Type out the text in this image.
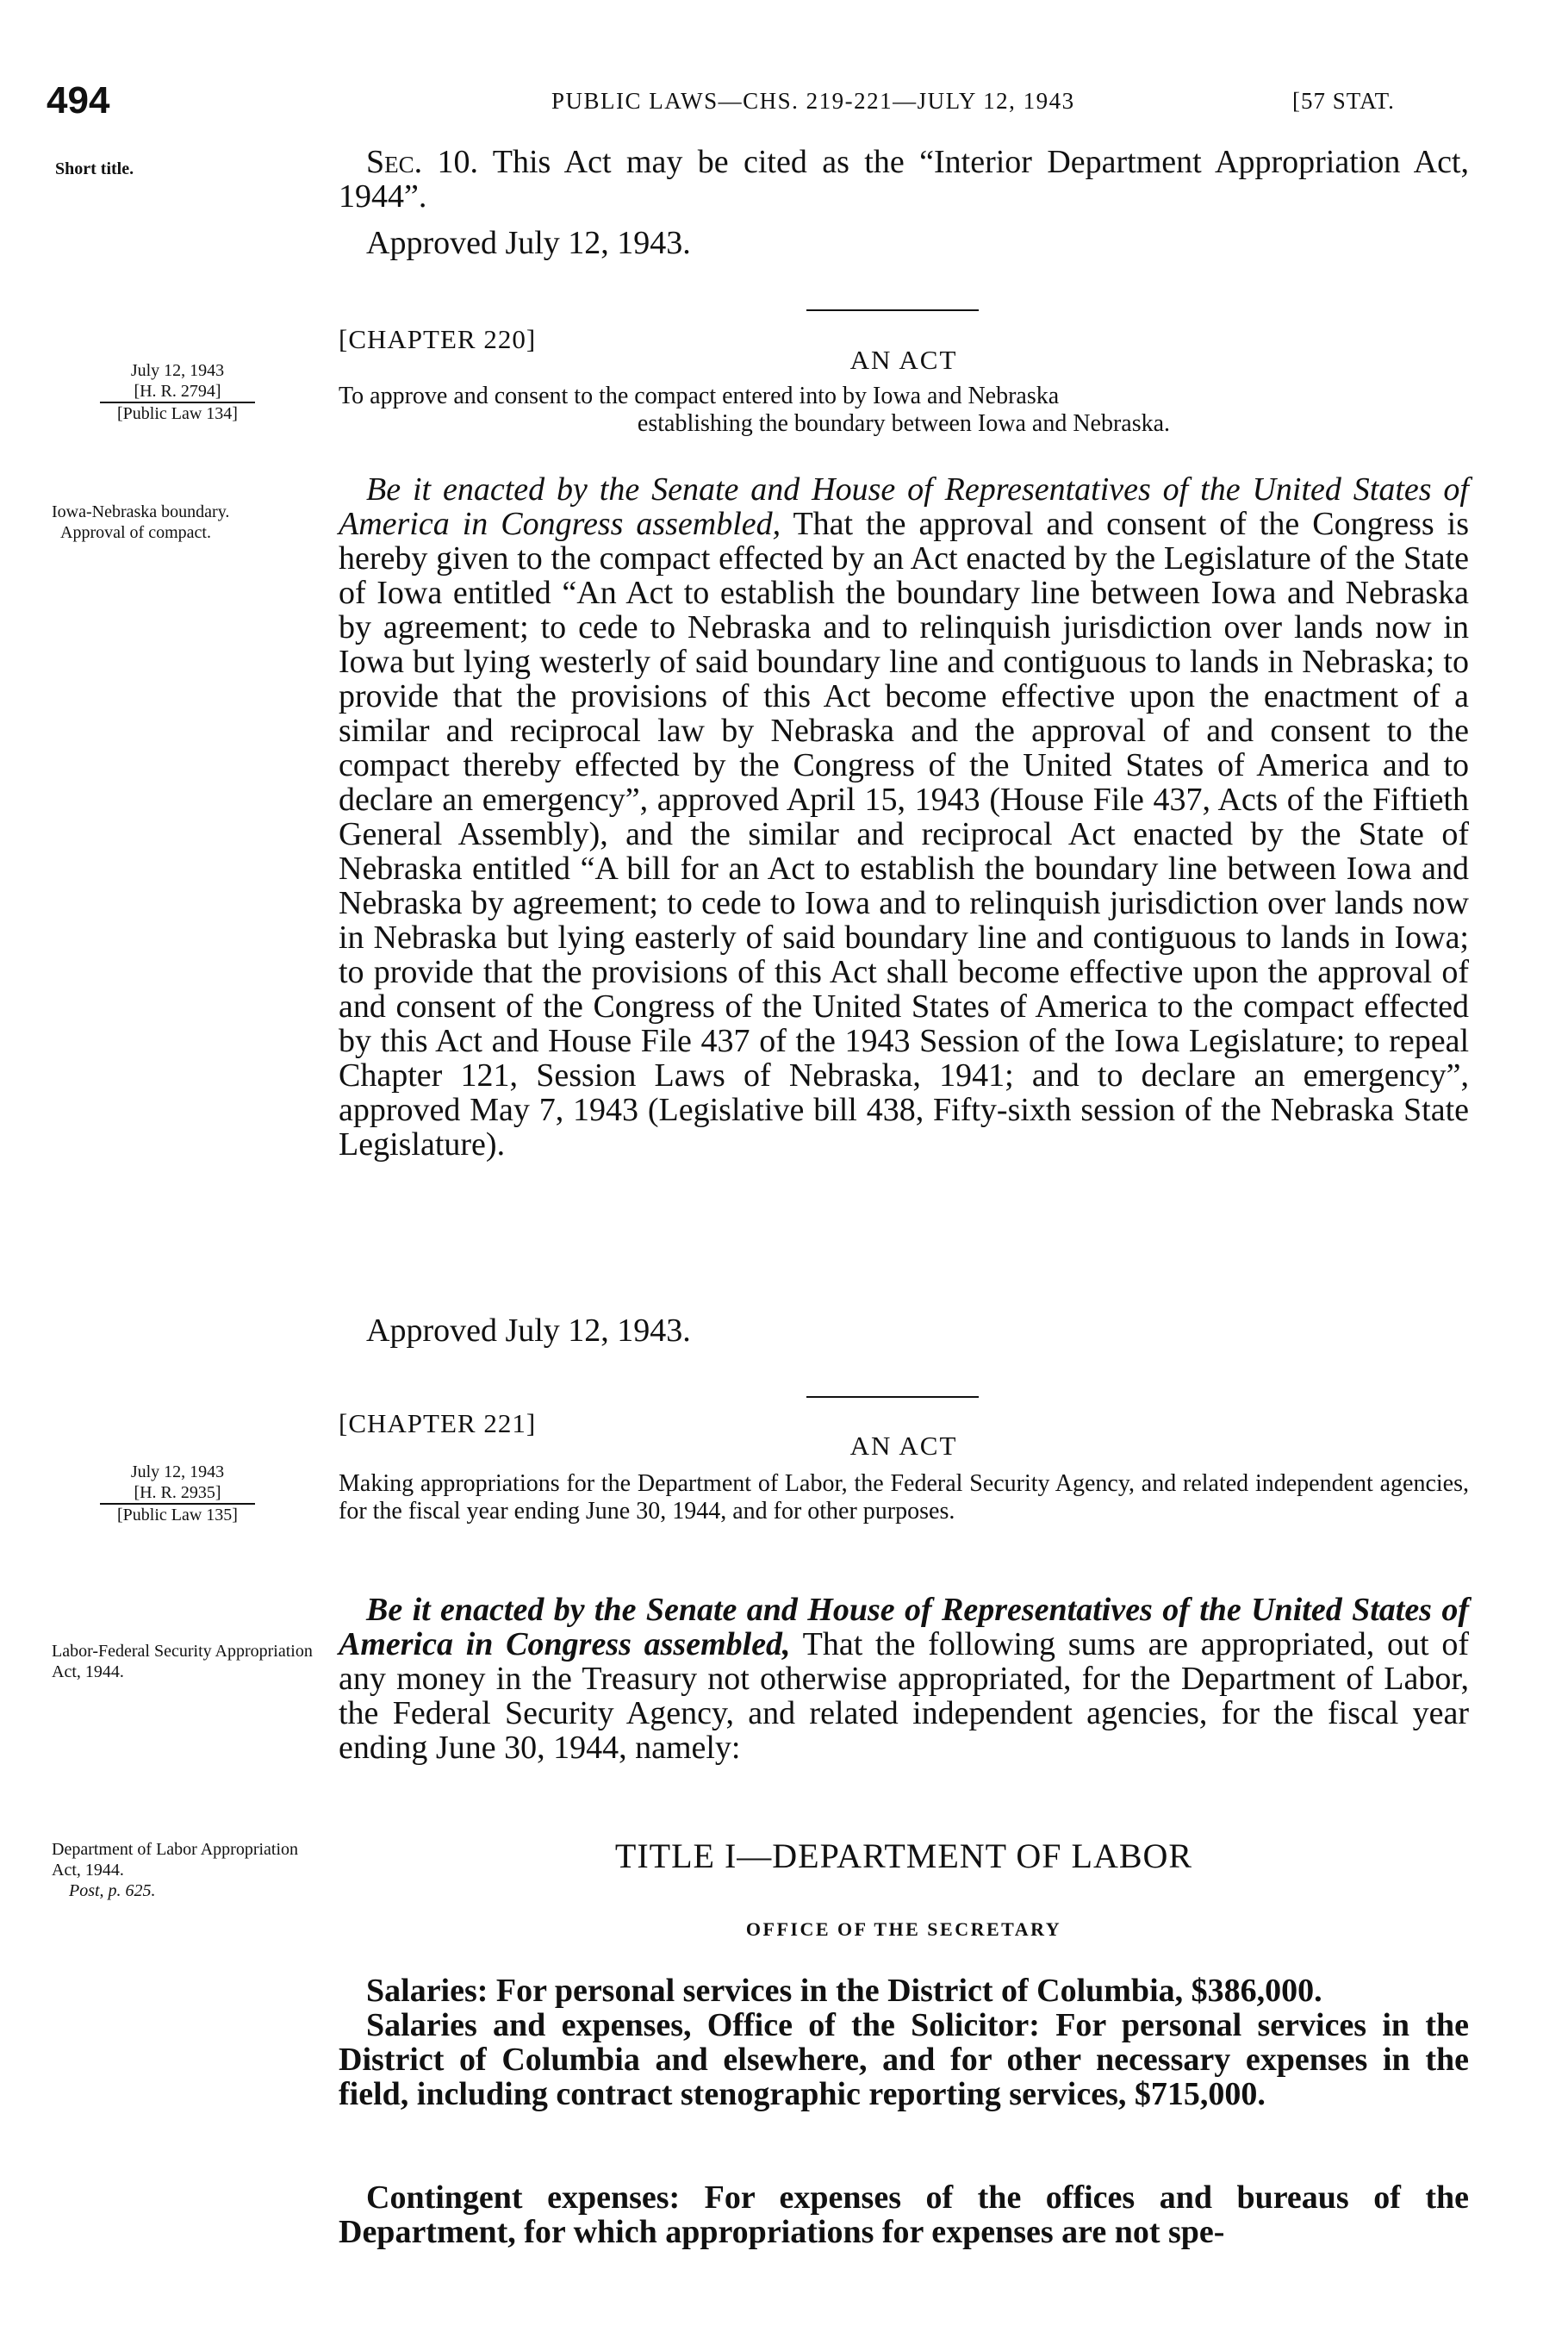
494	PUBLIC LAWS—CHS. 219-221—JULY 12, 1943	[57 STAT.
Short title.	Sec. 10. This Act may be cited as the “Interior Department Appropriation Act, 1944”.
Approved July 12, 1943.
[CHAPTER 220]
AN ACT
To approve and consent to the compact entered into by Iowa and Nebraska
establishing the boundary between Iowa and Nebraska.
July 12, 1943
[H. R. 2794]
[Public Law 134]
Iowa-Nebraska boundary.
Approval of compact.
Be it enacted by the Senate and House of Representatives of the United States of America in Congress assembled, That the approval and consent of the Congress is hereby given to the compact effected by an Act enacted by the Legislature of the State of Iowa entitled “An Act to establish the boundary line between Iowa and Nebraska by agreement; to cede to Nebraska and to relinquish jurisdiction over lands now in Iowa but lying westerly of said boundary line and contiguous to lands in Nebraska; to provide that the provisions of this Act become effective upon the enactment of a similar and reciprocal law by Nebraska and the approval of and consent to the compact thereby effected by the Congress of the United States of America and to declare an emergency”, approved April 15, 1943 (House File 437, Acts of the Fiftieth General Assembly), and the similar and reciprocal Act enacted by the State of Nebraska entitled “A bill for an Act to establish the boundary line between Iowa and Nebraska by agreement; to cede to Iowa and to relinquish jurisdiction over lands now in Nebraska but lying easterly of said boundary line and contiguous to lands in Iowa; to provide that the provisions of this Act shall become effective upon the approval of and consent of the Congress of the United States of America to the compact effected by this Act and House File 437 of the 1943 Session of the Iowa Legislature; to repeal Chapter 121, Session Laws of Nebraska, 1941; and to declare an emergency”, approved May 7, 1943 (Legislative bill 438, Fifty-sixth session of the Nebraska State Legislature).
Approved July 12, 1943.
[CHAPTER 221]
AN ACT
Making appropriations for the Department of Labor, the Federal Security Agency, and related independent agencies, for the fiscal year ending June 30, 1944, and for other purposes.
July 12, 1943
[H. R. 2935]
[Public Law 135]
Labor-Federal Security Appropriation Act, 1944.
Be it enacted by the Senate and House of Representatives of the United States of America in Congress assembled, That the following sums are appropriated, out of any money in the Treasury not otherwise appropriated, for the Department of Labor, the Federal Security Agency, and related independent agencies, for the fiscal year ending June 30, 1944, namely:
Department of Labor Appropriation Act, 1944.
Post, p. 625.
TITLE I—DEPARTMENT OF LABOR
OFFICE OF THE SECRETARY
Salaries: For personal services in the District of Columbia, $386,000.
Salaries and expenses, Office of the Solicitor: For personal services in the District of Columbia and elsewhere, and for other necessary expenses in the field, including contract stenographic reporting services, $715,000.
Contingent expenses: For expenses of the offices and bureaus of the Department, for which appropriations for expenses are not spe-
